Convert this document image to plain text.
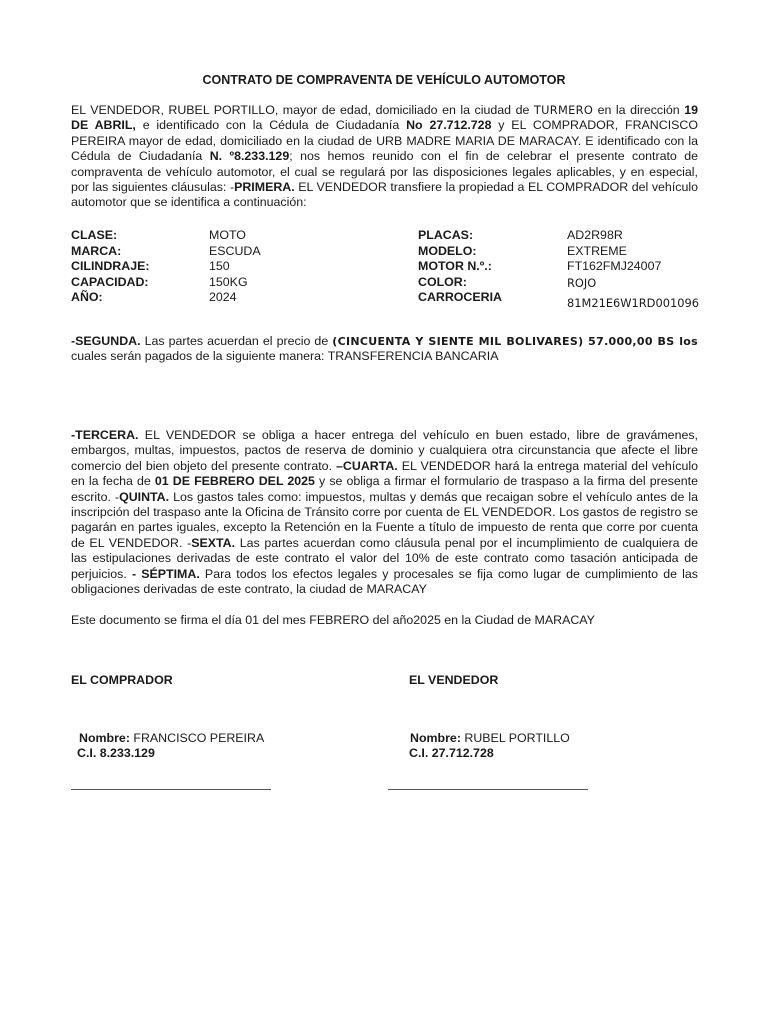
CONTRATO DE COMPRAVENTA DE VEHÍCULO AUTOMOTOR

EL VENDEDOR, RUBEL PORTILLO, mayor de edad, domiciliado en la ciudad de TURMERO en la dirección 19 DE ABRIL, e identificado con la Cédula de Ciudadanía No 27.712.728 y EL COMPRADOR, FRANCISCO PEREIRA mayor de edad, domiciliado en la ciudad de URB MADRE MARIA DE MARACAY. E identificado con la Cédula de Ciudadanía N. º8.233.129; nos hemos reunido con el fin de celebrar el presente contrato de compraventa de vehículo automotor, el cual se regulará por las disposiciones legales aplicables, y en especial, por las siguientes cláusulas: -PRIMERA. EL VENDEDOR transfiere la propiedad a EL COMPRADOR del vehículo automotor que se identifica a continuación:

CLASE:
MARCA:
CILINDRAJE:
CAPACIDAD:
AÑO:
MOTO
ESCUDA
150
150KG
2024
PLACAS:
MODELO:
MOTOR N.º.:
COLOR:
CARROCERIA
AD2R98R
EXTREME
FT162FMJ24007
ROJO
81M21E6W1RD001096

-SEGUNDA. Las partes acuerdan el precio de (CINCUENTA Y SIENTE MIL BOLIVARES) 57.000,00 BS los cuales serán pagados de la siguiente manera: TRANSFERENCIA BANCARIA

-TERCERA. EL VENDEDOR se obliga a hacer entrega del vehículo en buen estado, libre de gravámenes, embargos, multas, impuestos, pactos de reserva de dominio y cualquiera otra circunstancia que afecte el libre comercio del bien objeto del presente contrato. –CUARTA. EL VENDEDOR hará la entrega material del vehículo en la fecha de 01 DE FEBRERO DEL 2025 y se obliga a firmar el formulario de traspaso a la firma del presente escrito. -QUINTA. Los gastos tales como: impuestos, multas y demás que recaigan sobre el vehículo antes de la inscripción del traspaso ante la Oficina de Tránsito corre por cuenta de EL VENDEDOR. Los gastos de registro se pagarán en partes iguales, excepto la Retención en la Fuente a título de impuesto de renta que corre por cuenta de EL VENDEDOR. -SEXTA. Las partes acuerdan como cláusula penal por el incumplimiento de cualquiera de las estipulaciones derivadas de este contrato el valor del 10% de este contrato como tasación anticipada de perjuicios. - SÉPTIMA. Para todos los efectos legales y procesales se fija como lugar de cumplimiento de las obligaciones derivadas de este contrato, la ciudad de MARACAY

Este documento se firma el día 01 del mes FEBRERO del año2025 en la Ciudad de MARACAY

EL COMPRADOR	EL VENDEDOR
Nombre: FRANCISCO PEREIRA
C.I. 8.233.129
Nombre: RUBEL PORTILLO
C.I. 27.712.728
